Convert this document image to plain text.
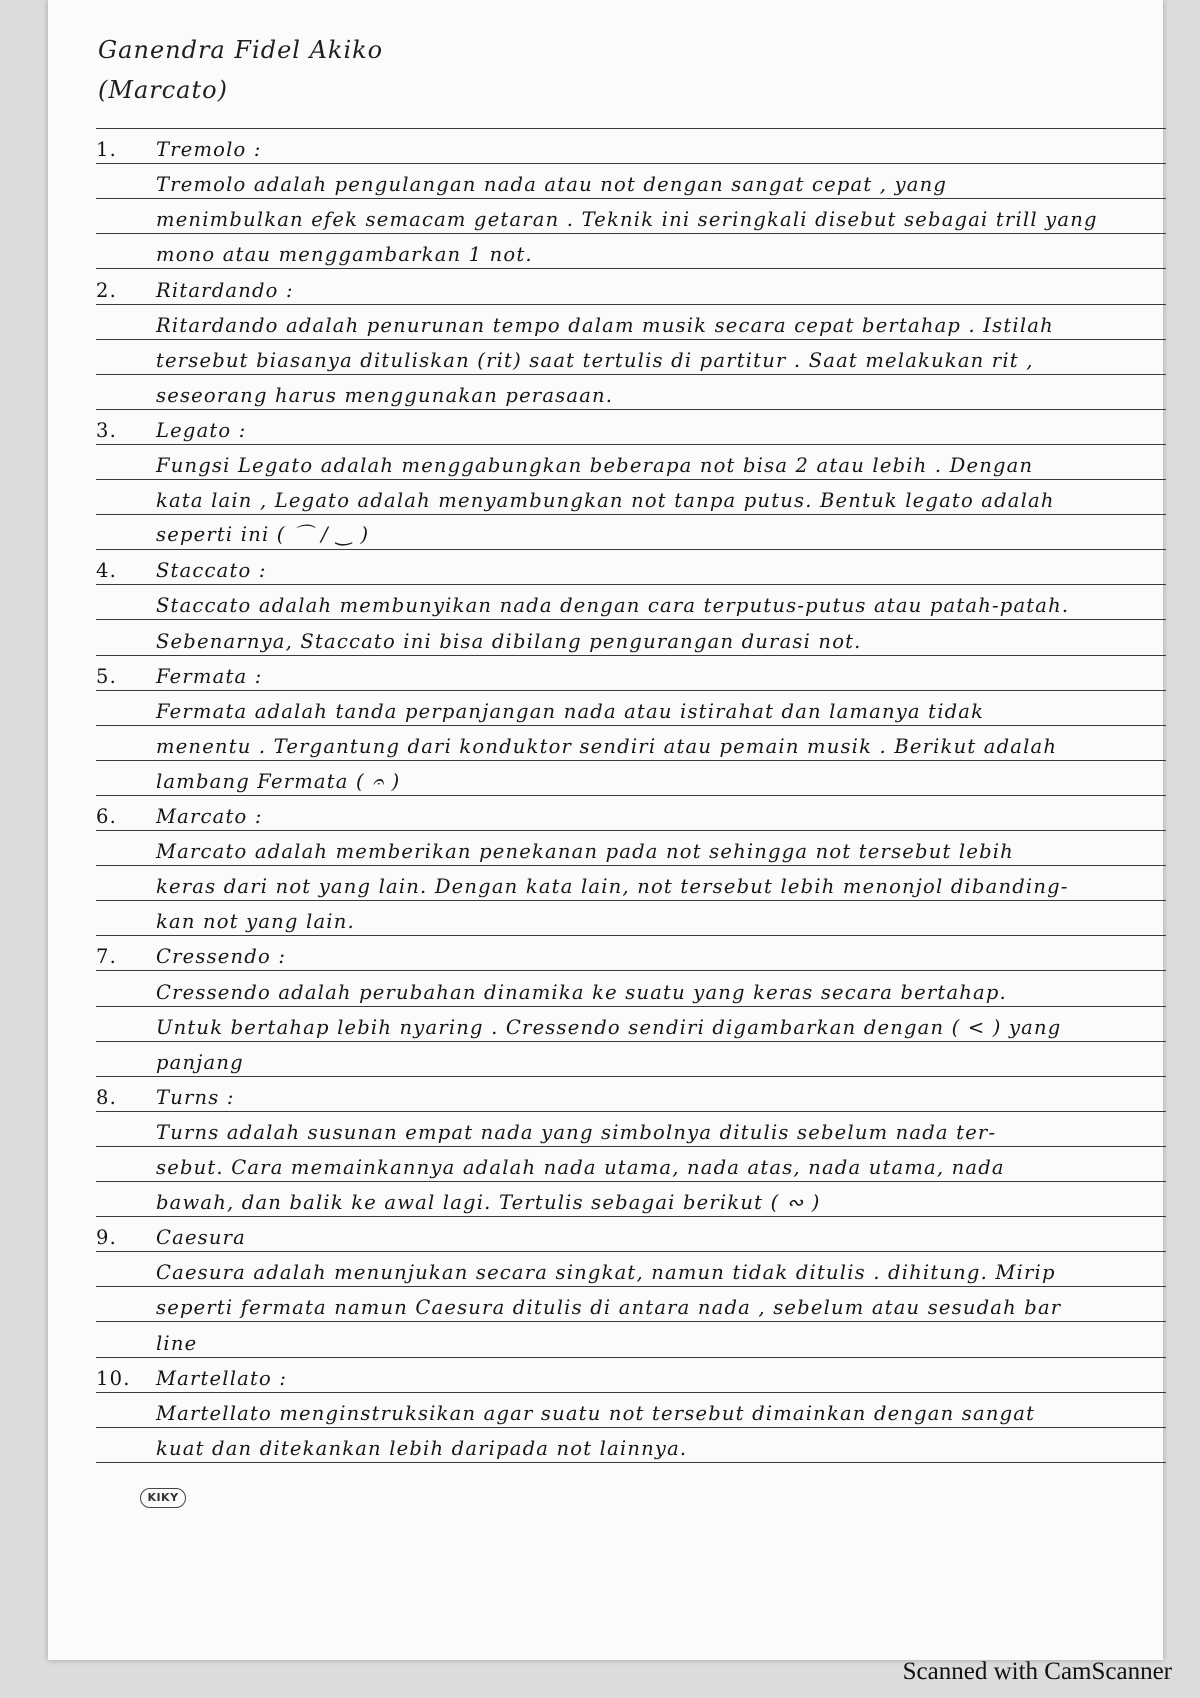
Ganendra Fidel Akiko
(Marcato)
1.	Tremolo :
Tremolo adalah pengulangan nada atau not dengan sangat cepat , yang
menimbulkan efek semacam getaran . Teknik ini seringkali disebut sebagai trill yang
mono atau menggambarkan 1 not.
2.	Ritardando :
Ritardando adalah penurunan tempo dalam musik secara cepat bertahap . Istilah
tersebut biasanya dituliskan (rit) saat tertulis di partitur . Saat melakukan rit ,
seseorang harus menggunakan perasaan.
3.	Legato :
Fungsi Legato adalah menggabungkan beberapa not bisa 2 atau lebih . Dengan
kata lain , Legato adalah menyambungkan not tanpa putus. Bentuk legato adalah
seperti ini ( ⌒ / ‿ )
4.	Staccato :
Staccato adalah membunyikan nada dengan cara terputus-putus atau patah-patah.
Sebenarnya, Staccato ini bisa dibilang pengurangan durasi not.
5.	Fermata :
Fermata adalah tanda perpanjangan nada atau istirahat dan lamanya tidak
menentu . Tergantung dari konduktor sendiri atau pemain musik . Berikut adalah
lambang Fermata ( 𝄐 )
6.	Marcato :
Marcato adalah memberikan penekanan pada not sehingga not tersebut lebih
keras dari not yang lain. Dengan kata lain, not tersebut lebih menonjol dibanding-
kan not yang lain.
7.	Cressendo :
Cressendo adalah perubahan dinamika ke suatu yang keras secara bertahap.
Untuk bertahap lebih nyaring . Cressendo sendiri digambarkan dengan ( < ) yang
panjang
8.	Turns :
Turns adalah susunan empat nada yang simbolnya ditulis sebelum nada ter-
sebut. Cara memainkannya adalah nada utama, nada atas, nada utama, nada
bawah, dan balik ke awal lagi. Tertulis sebagai berikut ( ∾ )
9.	Caesura
Caesura adalah menunjukan secara singkat, namun tidak ditulis . dihitung. Mirip
seperti fermata namun Caesura ditulis di antara nada , sebelum atau sesudah bar
line
10.	Martellato :
Martellato menginstruksikan agar suatu not tersebut dimainkan dengan sangat
kuat dan ditekankan lebih daripada not lainnya.
KIKY
Scanned with CamScanner
